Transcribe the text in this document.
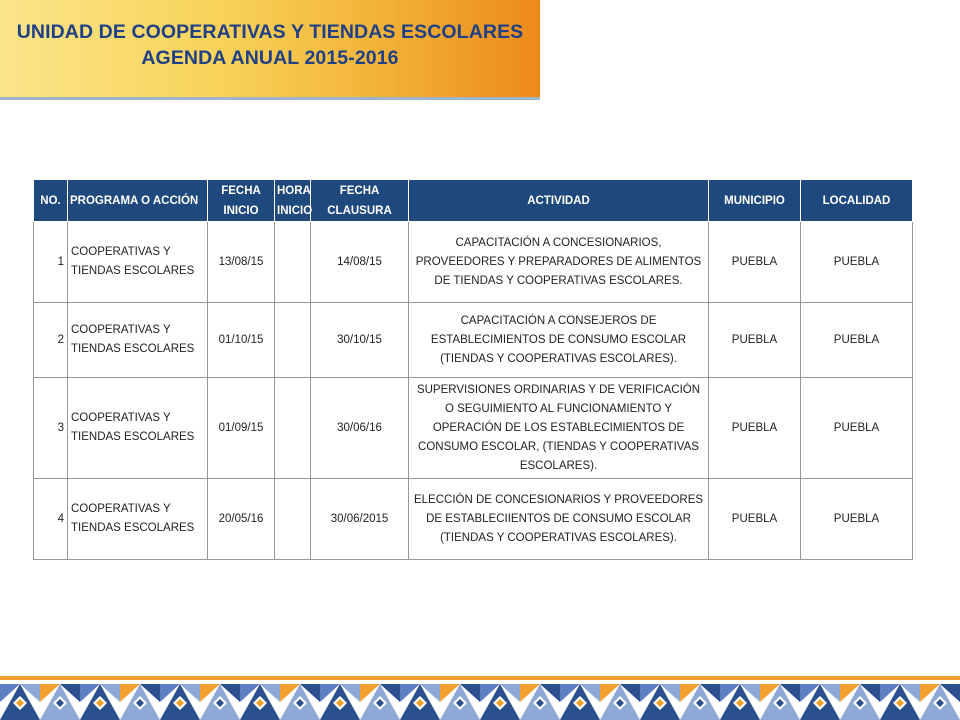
UNIDAD DE COOPERATIVAS Y TIENDAS ESCOLARES
AGENDA ANUAL 2015-2016
NO.	PROGRAMA O ACCIÓN	FECHA INICIO	HORA INICIO	FECHA CLAUSURA	ACTIVIDAD	MUNICIPIO	LOCALIDAD
1	COOPERATIVAS Y TIENDAS ESCOLARES	13/08/15		14/08/15	CAPACITACIÓN A CONCESIONARIOS, PROVEEDORES Y PREPARADORES DE ALIMENTOS DE TIENDAS Y COOPERATIVAS ESCOLARES.	PUEBLA	PUEBLA
2	COOPERATIVAS Y TIENDAS ESCOLARES	01/10/15		30/10/15	CAPACITACIÓN A CONSEJEROS DE ESTABLECIMIENTOS DE CONSUMO ESCOLAR (TIENDAS Y COOPERATIVAS ESCOLARES).	PUEBLA	PUEBLA
3	COOPERATIVAS Y TIENDAS ESCOLARES	01/09/15		30/06/16	SUPERVISIONES ORDINARIAS Y DE VERIFICACIÓN O SEGUIMIENTO AL FUNCIONAMIENTO Y OPERACIÓN DE LOS ESTABLECIMIENTOS DE CONSUMO ESCOLAR, (TIENDAS Y COOPERATIVAS ESCOLARES).	PUEBLA	PUEBLA
4	COOPERATIVAS Y TIENDAS ESCOLARES	20/05/16		30/06/2015	ELECCIÓN DE CONCESIONARIOS Y PROVEEDORES DE ESTABLECIIENTOS DE CONSUMO ESCOLAR (TIENDAS Y COOPERATIVAS ESCOLARES).	PUEBLA	PUEBLA
